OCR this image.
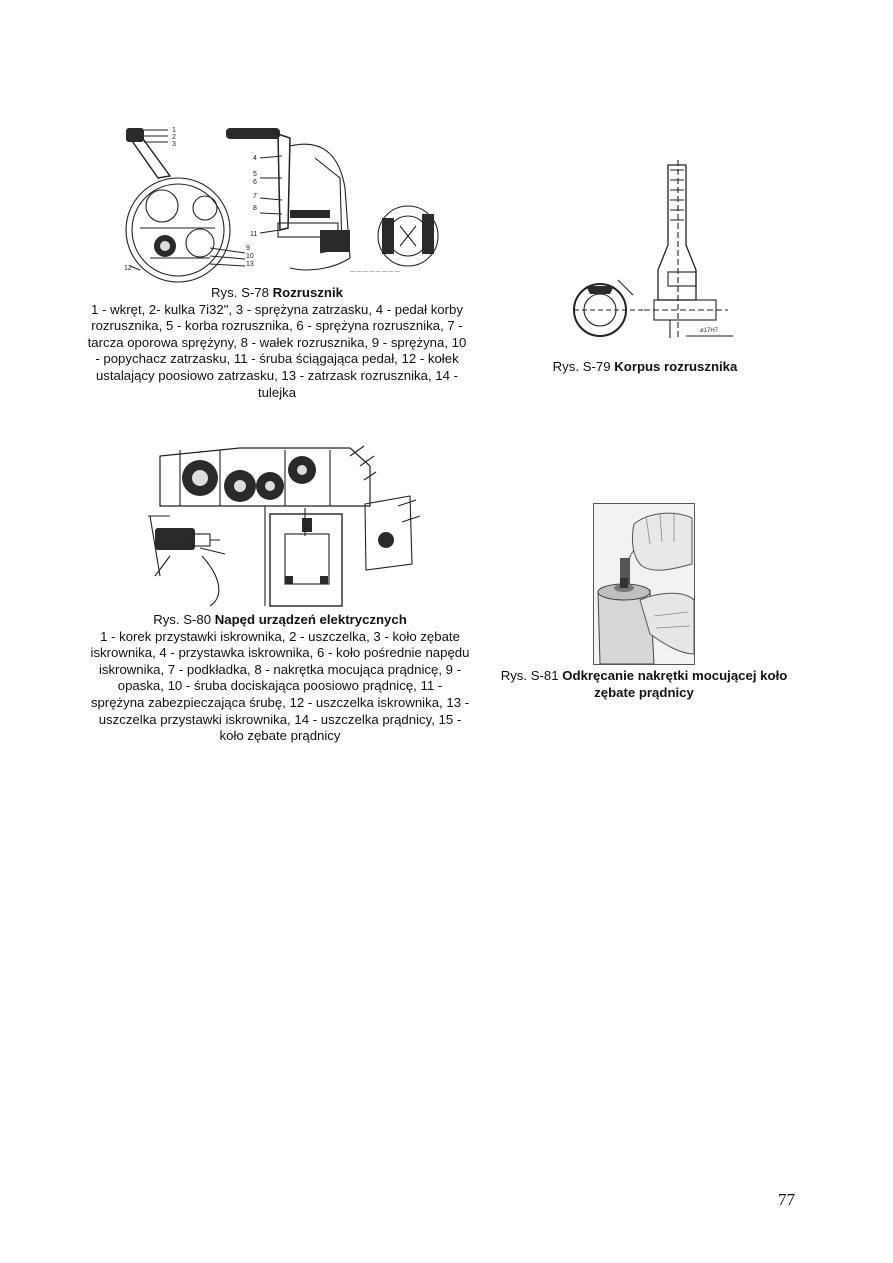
— — — — — — — —
1
2
3
4
5
6
7
8
9
10
11
12
13
Rys. S-78 Rozrusznik
1 - wkręt, 2- kulka 7i32", 3 - sprężyna zatrzasku, 4 - pedał korby rozrusznika, 5 - korba rozrusznika, 6 - sprężyna rozrusznika, 7 - tarcza oporowa sprężyny, 8 - wałek rozrusznika, 9 - sprężyna, 10 - popychacz zatrzasku, 11 - śruba ściągająca pedał, 12 - kołek ustalający poosiowo zatrzasku, 13 - zatrzask rozrusznika, 14 - tulejka
ø17H7
Rys. S-79 Korpus rozrusznika
Rys. S-80 Napęd urządzeń elektrycznych
1 - korek przystawki iskrownika, 2 - uszczelka, 3 - koło zębate iskrownika, 4 - przystawka iskrownika, 6 - koło pośrednie napędu iskrownika, 7 - podkładka, 8 - nakrętka mocująca prądnicę, 9 - opaska, 10 - śruba dociskająca poosiowo prądnicę, 11 - sprężyna zabezpieczająca śrubę, 12 - uszczelka iskrownika, 13 - uszczelka przystawki iskrownika, 14 - uszczelka prądnicy, 15 - koło zębate prądnicy
Rys. S-81 Odkręcanie nakrętki mocującej koło zębate prądnicy
77
